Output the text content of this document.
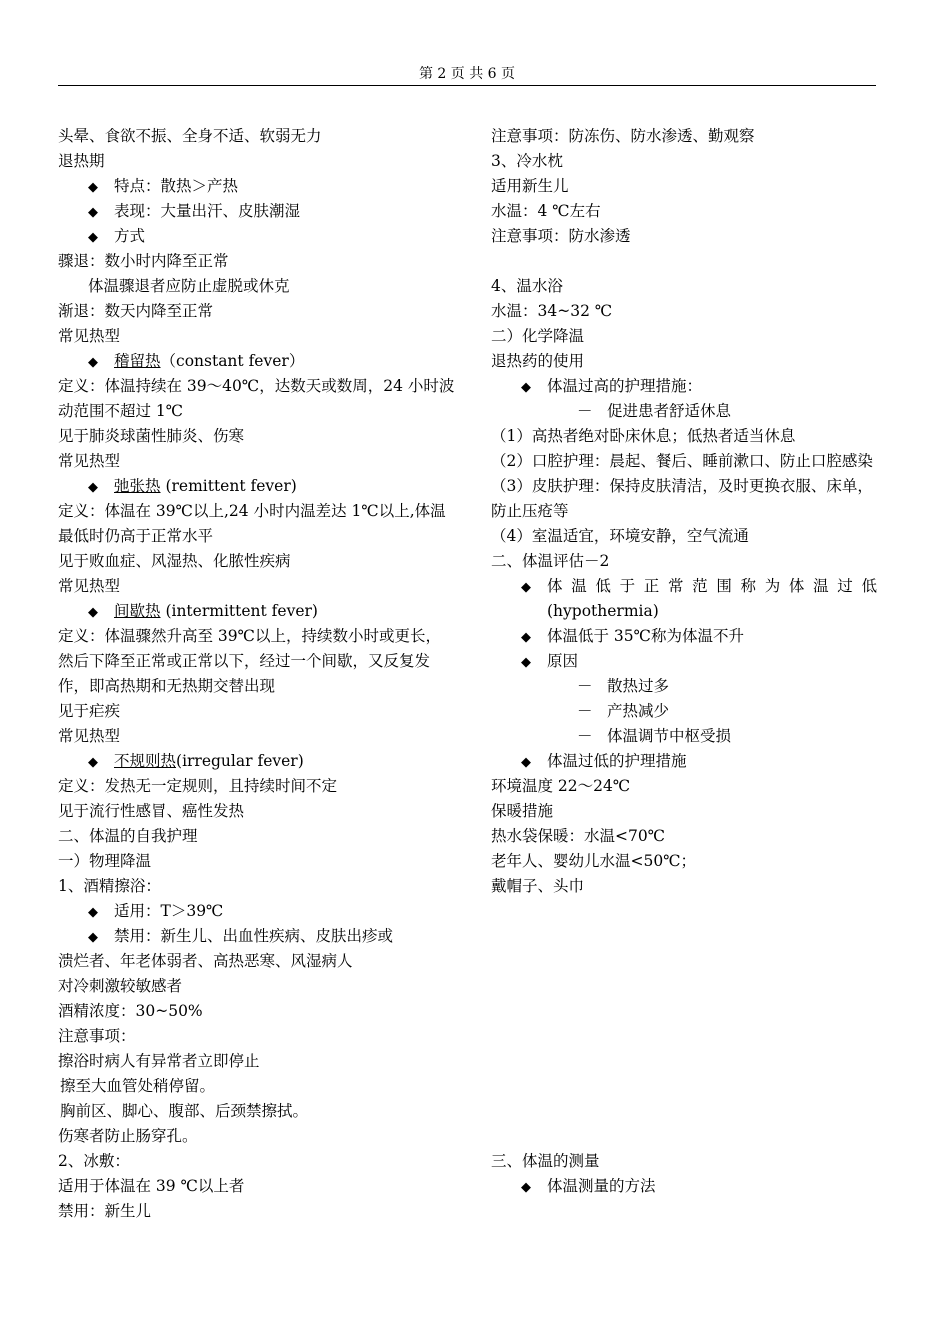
第 2 页 共 6 页
头晕、食欲不振、全身不适、软弱无力
退热期
◆ 特点：散热＞产热
◆ 表现：大量出汗、皮肤潮湿
◆ 方式
骤退：数小时内降至正常
体温骤退者应防止虚脱或休克
渐退：数天内降至正常
常见热型
◆ 稽留热（constant fever）
定义：体温持续在 39～40℃，达数天或数周，24 小时波
动范围不超过 1℃
见于肺炎球菌性肺炎、伤寒
常见热型
◆ 弛张热 (remittent fever)
定义：体温在 39℃以上,24 小时内温差达 1℃以上,体温
最低时仍高于正常水平
见于败血症、风湿热、化脓性疾病
常见热型
◆ 间歇热 (intermittent fever)
定义：体温骤然升高至 39℃以上，持续数小时或更长，
然后下降至正常或正常以下，经过一个间歇，又反复发
作，即高热期和无热期交替出现
见于疟疾
常见热型
◆ 不规则热(irregular fever)
定义：发热无一定规则，且持续时间不定
见于流行性感冒、癌性发热
二、体温的自我护理
一）物理降温
1、酒精擦浴：
◆ 适用：T＞39℃
◆ 禁用：新生儿、出血性疾病、皮肤出疹或
溃烂者、年老体弱者、高热恶寒、风湿病人
对冷刺激较敏感者
酒精浓度：30~50%
注意事项：
擦浴时病人有异常者立即停止
擦至大血管处稍停留。
胸前区、脚心、腹部、后颈禁擦拭。
伤寒者防止肠穿孔。
2、冰敷：
适用于体温在 39 ℃以上者
禁用：新生儿
注意事项：防冻伤、防水渗透、勤观察
3、冷水枕
适用新生儿
水温：4 ℃左右
注意事项：防水渗透
4、温水浴
水温：34~32 ℃
二）化学降温
退热药的使用
◆ 体温过高的护理措施：
－ 促进患者舒适休息
（1）高热者绝对卧床休息；低热者适当休息
（2）口腔护理：晨起、餐后、睡前漱口、防止口腔感染
（3）皮肤护理：保持皮肤清洁，及时更换衣服、床单，
防止压疮等
（4）室温适宜，环境安静，空气流通
二、体温评估－2
◆ 体温低于正常范围称为体温过低
(hypothermia)
◆ 体温低于 35℃称为体温不升
◆ 原因
－ 散热过多
－ 产热减少
－ 体温调节中枢受损
◆ 体温过低的护理措施
环境温度 22～24℃
保暖措施
热水袋保暖：水温<70℃
老年人、婴幼儿水温<50℃；
戴帽子、头巾
三、体温的测量
◆ 体温测量的方法
